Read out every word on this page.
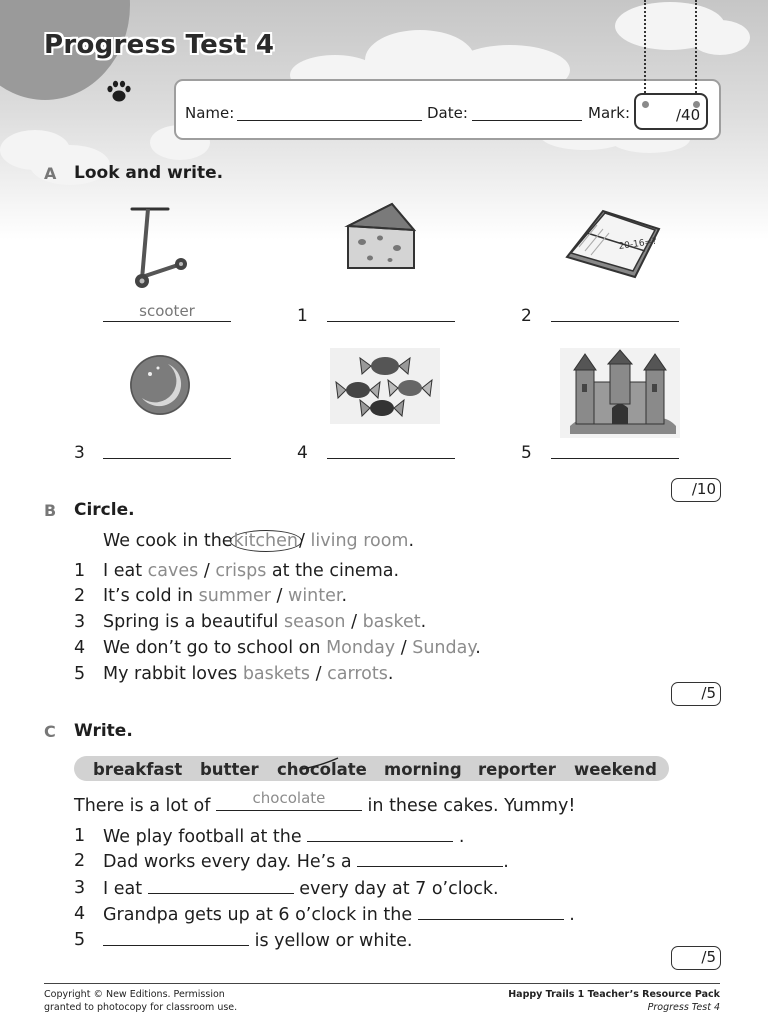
Progress Test 4
Name:	Date:	Mark:	/40
A Look and write.
scooter	1
20-16=?
2
3	4	5
/10
B Circle.
We cook in thekitchen/ living room.
1 I eat caves / crisps at the cinema.
2 It’s cold in summer / winter.
3 Spring is a beautiful season / basket.
4 We don’t go to school on Monday / Sunday.
5 My rabbit loves baskets / carrots.
/5
C Write.
breakfast butter chocolate morning reporter weekend
There is a lot of	chocolate	in these cakes. Yummy!
1 We play football at the	.
2 Dad works every day. He’s a	.
3 I eat	every day at 7 o’clock.
4 Grandpa gets up at 6 o’clock in the	.
5	is yellow or white.
/5
Copyright © New Editions. Permission
granted to photocopy for classroom use.
Happy Trails 1 Teacher’s Resource Pack
Progress Test 4
